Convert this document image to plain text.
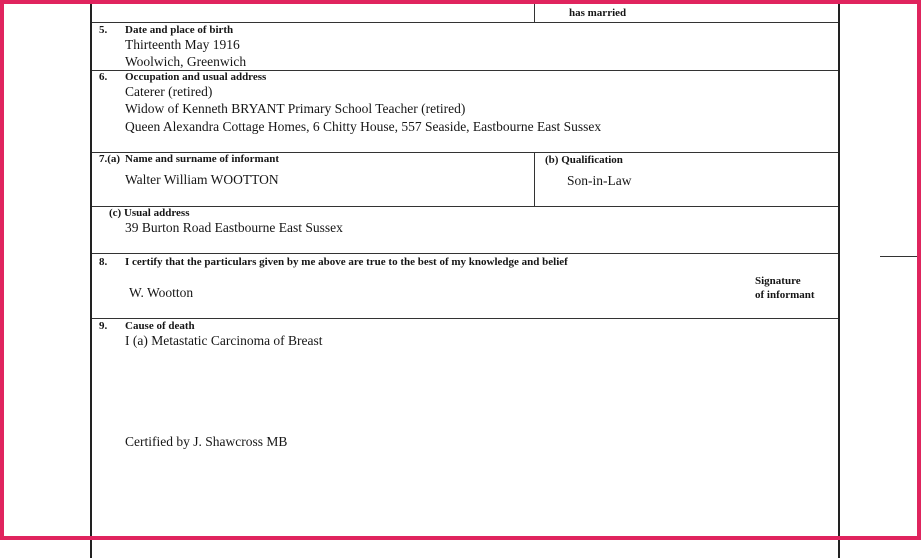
has married
5. Date and place of birth
Thirteenth May 1916
Woolwich, Greenwich
6. Occupation and usual address
Caterer (retired)
Widow of Kenneth BRYANT Primary School Teacher (retired)
Queen Alexandra Cottage Homes, 6 Chitty House, 557 Seaside, Eastbourne East Sussex
7.(a) Name and surname of informant
Walter William WOOTTON
(b) Qualification
Son-in-Law
(c) Usual address
39 Burton Road Eastbourne East Sussex
8. I certify that the particulars given by me above are true to the best of my knowledge and belief
W. Wootton
Signature
of informant
9. Cause of death
I (a) Metastatic Carcinoma of Breast
Certified by J. Shawcross MB
